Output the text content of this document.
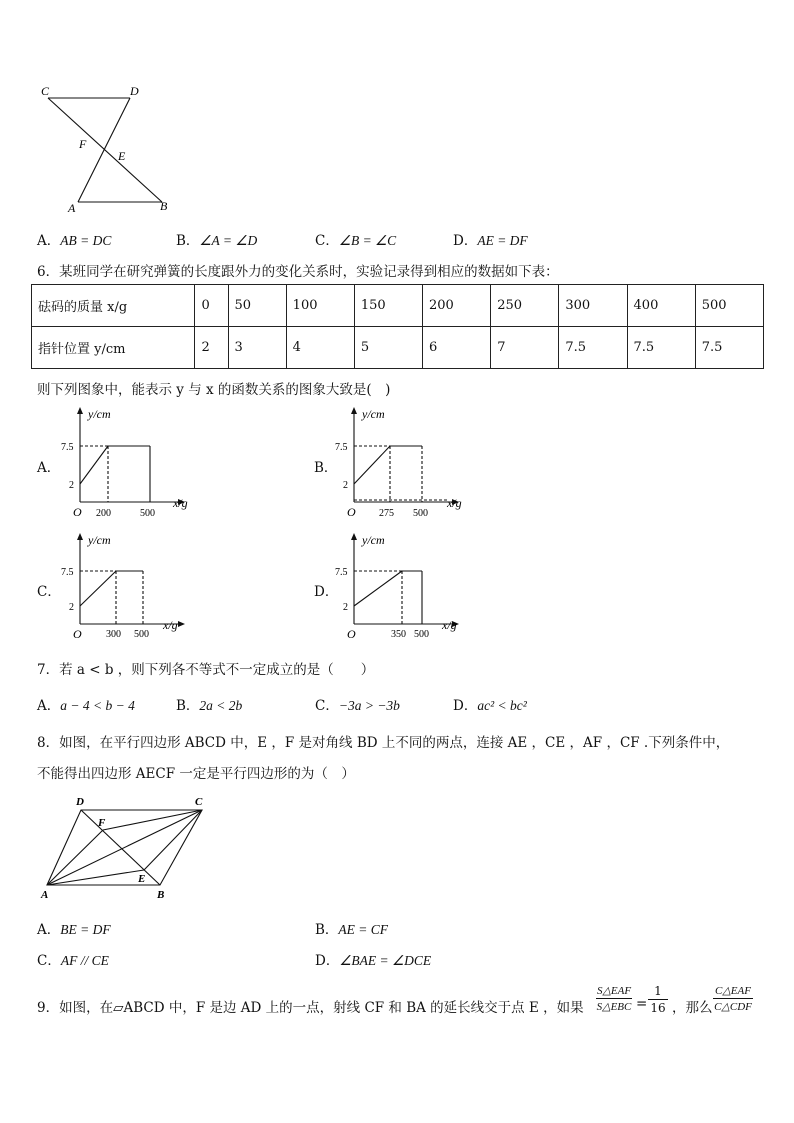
C	D
F
E
A	B
A．AB = DC	B．∠A = ∠D	C．∠B = ∠C	D．AE = DF
6．某班同学在研究弹簧的长度跟外力的变化关系时，实验记录得到相应的数据如下表：
砝码的质量 x/g	0	50	100	150	200	250	300	400	500
指针位置 y/cm	2	3	4	5	6	7	7.5	7.5	7.5
则下列图象中，能表示 y 与 x 的函数关系的图象大致是(　)
A．
y/cm
x/g
O
7.5
2
200	500
B．
y/cm
x/g
O
7.5
2
275 500
C．
y/cm
x/g
O
7.5
2
300 500
D．
y/cm
x/g
O
7.5
2
350 500
7．若 a < b ，则下列各不等式不一定成立的是（　　）
A．a − 4 < b − 4	B．2a < 2b	C．−3a > −3b	D．ac² < bc²
8．如图，在平行四边形 ABCD 中，E ，F 是对角线 BD 上不同的两点，连接 AE ，CE ，AF ，CF .下列条件中，
不能得出四边形 AECF 一定是平行四边形的为（　）
D	C
F
E
A	B
A．BE = DF	B．AE = CF
C．AF // CE	D．∠BAE = ∠DCE
9．如图，在▱ABCD 中，F 是边 AD 上的一点，射线 CF 和 BA 的延长线交于点 E ，如果
S△EAF
S△EBC = $\frac{1}{16}$ ，那么
C△EAF
C△CDF
